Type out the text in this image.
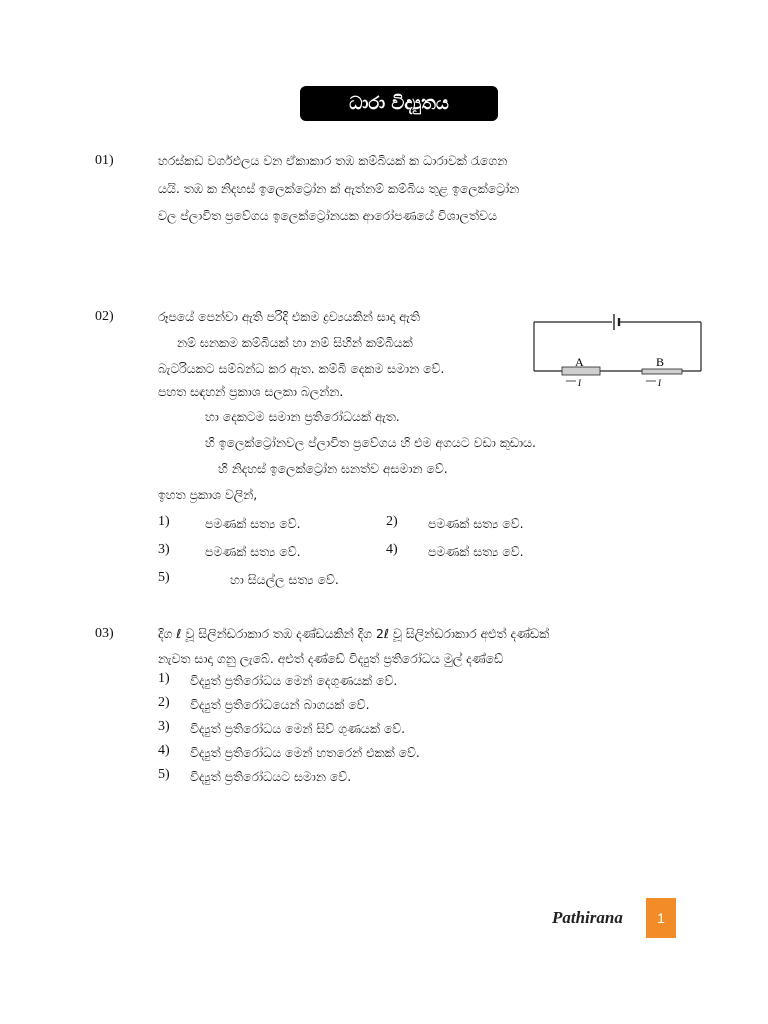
ධාරා විද්‍යුතය
01)	හරස්කඩ වර්ගඵලය වන ඒකාකාර තඹ කම්බියක් ක ධාරාවක් රැගෙන
යයි. තඹ ක නිදහස් ඉලෙක්ට්‍රෝන ක් ඇත්නම් කම්බිය තුළ ඉලෙක්ට්‍රෝන
වල ප්ලාවිත ප්‍රවේගය ඉලෙක්ට්‍රෝනයක ආරෝපණයේ විශාලත්වය
02)	රූපයේ පෙන්වා ඇති පරිදි එකම ද්‍රව්‍යයකින් සාදා ඇති
නම් ඝනකම කම්බියක් හා නම් සිහින් කම්බියක්
බැටරියකට සම්බන්ධ කර ඇත. කම්බි දෙකම සමාන වේ.
පහත සඳහන් ප්‍රකාශ සලකා බලන්න.
A	B
I	I
හා දෙකටම සමාන ප්‍රතිරෝධයක් ඇත.
හි ඉලෙක්ට්‍රෝනවල ප්ලාවිත ප්‍රවේගය හි එම අගයට වඩා කුඩාය.
හි නිදහස් ඉලෙක්ට්‍රෝන ඝනත්ව අසමාන වේ.
ඉහත ප්‍රකාශ වලින්,
1)	පමණක් සත්‍ය වේ.	2) පමණක් සත්‍ය වේ.
3)	පමණක් සත්‍ය වේ.	4) පමණක් සත්‍ය වේ.
5)	හා සියල්ල සත්‍ය වේ.
03)	දිග ℓ වූ සිලින්ඩරාකාර තඹ දණ්ඩයකින් දිග 2ℓ වූ සිලින්ඩරාකාර අළුත් දණ්ඩක්
නැවත සාදා ගනු ලැබේ. අළුත් දණ්ඩේ විද්‍යුත් ප්‍රතිරෝධය මුල් දණ්ඩේ
1) විද්‍යුත් ප්‍රතිරෝධය මෙන් දෙගුණයක් වේ.
2) විද්‍යුත් ප්‍රතිරෝධයෙන් බාගයක් වේ.
3) විද්‍යුත් ප්‍රතිරෝධය මෙන් සිව් ගුණයක් වේ.
4) විද්‍යුත් ප්‍රතිරෝධය මෙන් හතරෙන් එකක් වේ.
5) විද්‍යුත් ප්‍රතිරෝධයට සමාන වේ.
Pathirana	1
